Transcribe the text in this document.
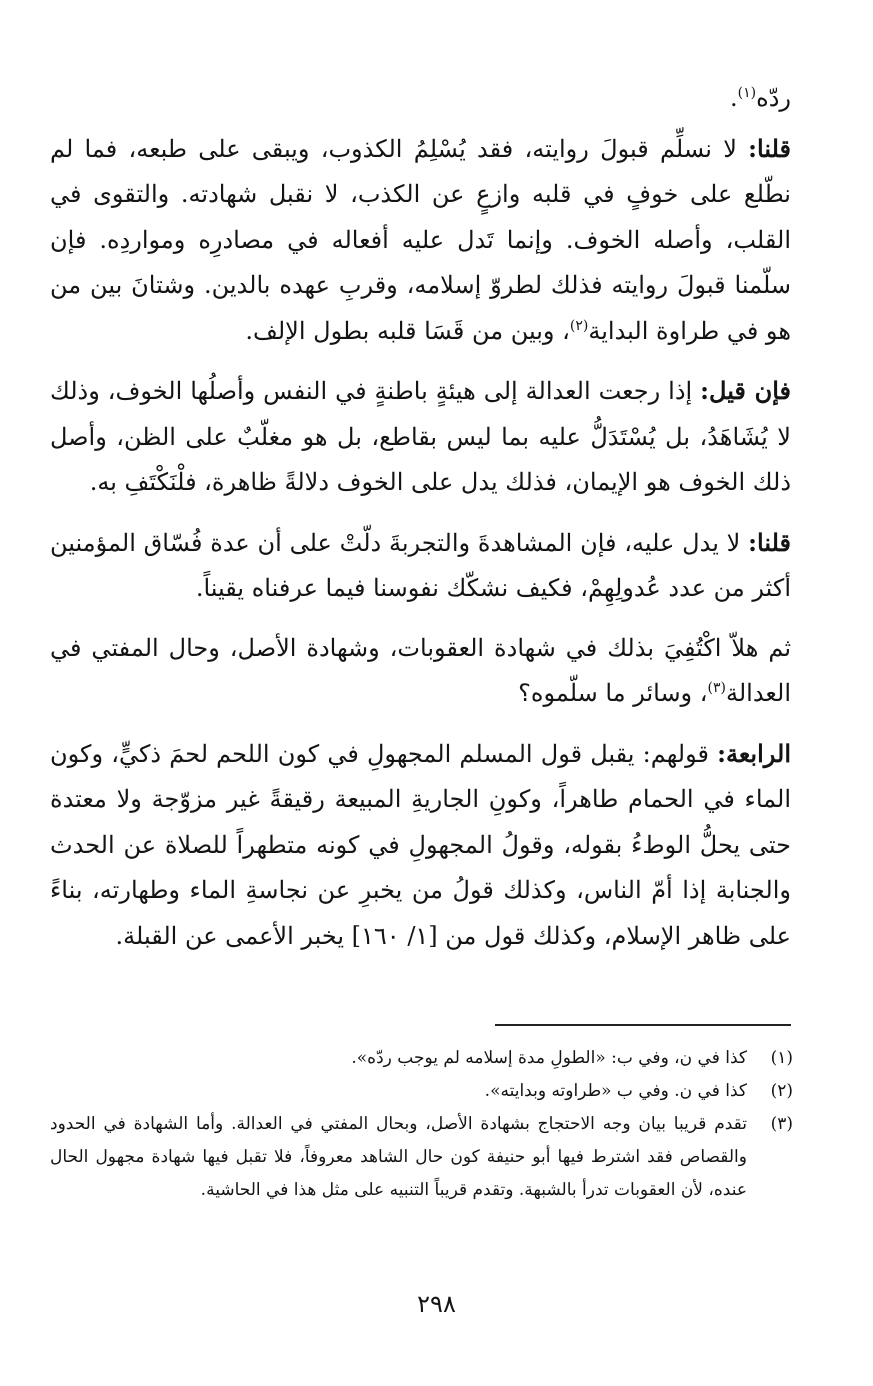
ردّه$^{(١)}$.

قلنا: لا نسلِّم قبولَ روايته، فقد يُسْلِمُ الكذوب، ويبقى على طبعه، فما لم نطّلع على خوفٍ في قلبه وازعٍ عن الكذب، لا نقبل شهادته. والتقوى في القلب، وأصله الخوف. وإنما تَدل عليه أفعاله في مصادرِه ومواردِه. فإن سلّمنا قبولَ روايته فذلك لطروّ إسلامه، وقربِ عهده بالدين. وشتانَ بين من هو في طراوة البداية$^{(٢)}$، وبين من قَسَا قلبه بطول الإلف.

فإن قيل: إذا رجعت العدالة إلى هيئةٍ باطنةٍ في النفس وأصلُها الخوف، وذلك لا يُشَاهَدُ، بل يُسْتَدَلُّ عليه بما ليس بقاطع، بل هو مغلّبٌ على الظن، وأصل ذلك الخوف هو الإيمان، فذلك يدل على الخوف دلالةً ظاهرة، فلْنَكْتَفِ به.

قلنا: لا يدل عليه، فإن المشاهدةَ والتجربةَ دلّتْ على أن عدة فُسّاق المؤمنين أكثر من عدد عُدولِهِمْ، فكيف نشكّك نفوسنا فيما عرفناه يقيناً.

ثم هلاّ اكْتُفِيَ بذلك في شهادة العقوبات، وشهادة الأصل، وحال المفتي في العدالة$^{(٣)}$، وسائر ما سلّموه؟

الرابعة: قولهم: يقبل قول المسلم المجهولِ في كون اللحم لحمَ ذكيٍّ، وكون الماء في الحمام طاهراً، وكونِ الجاريةِ المبيعة رقيقةً غير مزوّجة ولا معتدة حتى يحلُّ الوطءُ بقوله، وقولُ المجهولِ في كونه متطهراً للصلاة عن الحدث والجنابة إذا أمّ الناس، وكذلك قولُ من يخبرِ عن نجاسةِ الماء وطهارته، بناءً على ظاهر الإسلام، وكذلك قول من [١/ ١٦٠] يخبر الأعمى عن القبلة.

(١)
كذا في ن، وفي ب: «الطولِ مدة إسلامه لم يوجب ردّه».
(٢)
كذا في ن. وفي ب «طراوته وبدايته».
(٣)
تقدم قريبا بيان وجه الاحتجاج بشهادة الأصل، وبحال المفتي في العدالة. وأما الشهادة في الحدود والقصاص فقد اشترط فيها أبو حنيفة كون حال الشاهد معروفاً، فلا تقبل فيها شهادة مجهول الحال عنده، لأن العقوبات تدرأ بالشبهة. وتقدم قريباً التنبيه على مثل هذا في الحاشية.
٢٩٨
